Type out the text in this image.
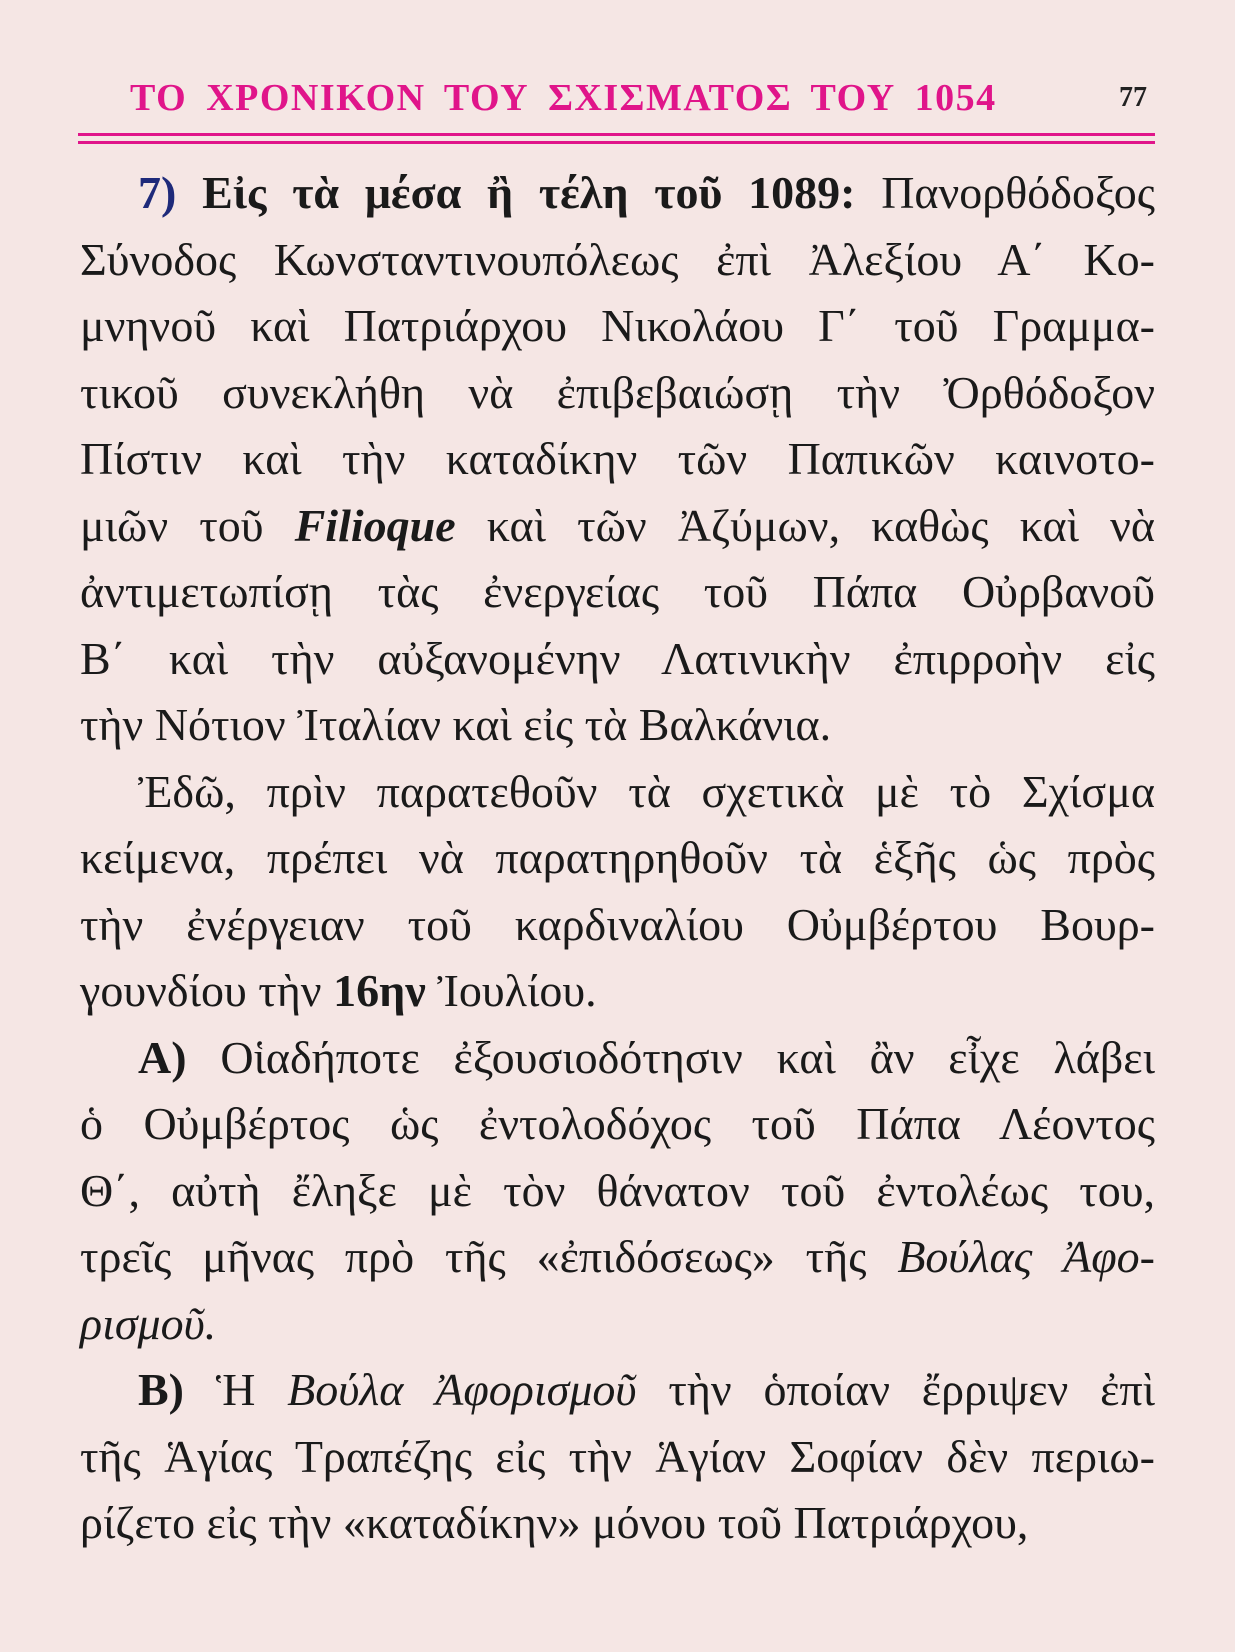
ΤΟ ΧΡΟΝΙΚΟΝ ΤΟΥ ΣΧΙΣΜΑΤΟΣ ΤΟΥ 1054	77
7) Εἰς τὰ μέσα ἢ τέλη τοῦ 1089: Πανορθόδοξος
Σύνοδος Κωνσταντινουπόλεως ἐπὶ Ἀλεξίου Α΄ Κο-
μνηνοῦ καὶ Πατριάρχου Νικολάου Γ΄ τοῦ Γραμμα-
τικοῦ συνεκλήθη νὰ ἐπιβεβαιώσῃ τὴν Ὀρθόδοξον
Πίστιν καὶ τὴν καταδίκην τῶν Παπικῶν καινοτο-
μιῶν τοῦ Filioque καὶ τῶν Ἀζύμων, καθὼς καὶ νὰ
ἀντιμετωπίσῃ τὰς ἐνεργείας τοῦ Πάπα Οὐρβανοῦ
Β΄ καὶ τὴν αὐξανομένην Λατινικὴν ἐπιρροὴν εἰς
τὴν Νότιον Ἰταλίαν καὶ εἰς τὰ Βαλκάνια.
Ἐδῶ, πρὶν παρατεθοῦν τὰ σχετικὰ μὲ τὸ Σχίσμα
κείμενα, πρέπει νὰ παρατηρηθοῦν τὰ ἑξῆς ὡς πρὸς
τὴν ἐνέργειαν τοῦ καρδιναλίου Οὐμβέρτου Βουρ-
γουνδίου τὴν 16ην Ἰουλίου.
Α) Οἱαδήποτε ἐξουσιοδότησιν καὶ ἂν εἶχε λάβει
ὁ Οὐμβέρτος ὡς ἐντολοδόχος τοῦ Πάπα Λέοντος
Θ΄, αὐτὴ ἔληξε μὲ τὸν θάνατον τοῦ ἐντολέως του,
τρεῖς μῆνας πρὸ τῆς «ἐπιδόσεως» τῆς Βούλας Ἀφο-
ρισμοῦ.
Β) Ἡ Βούλα Ἀφορισμοῦ τὴν ὁποίαν ἔρριψεν ἐπὶ
τῆς Ἁγίας Τραπέζης εἰς τὴν Ἁγίαν Σοφίαν δὲν περιω-
ρίζετο εἰς τὴν «καταδίκην» μόνου τοῦ Πατριάρχου,
